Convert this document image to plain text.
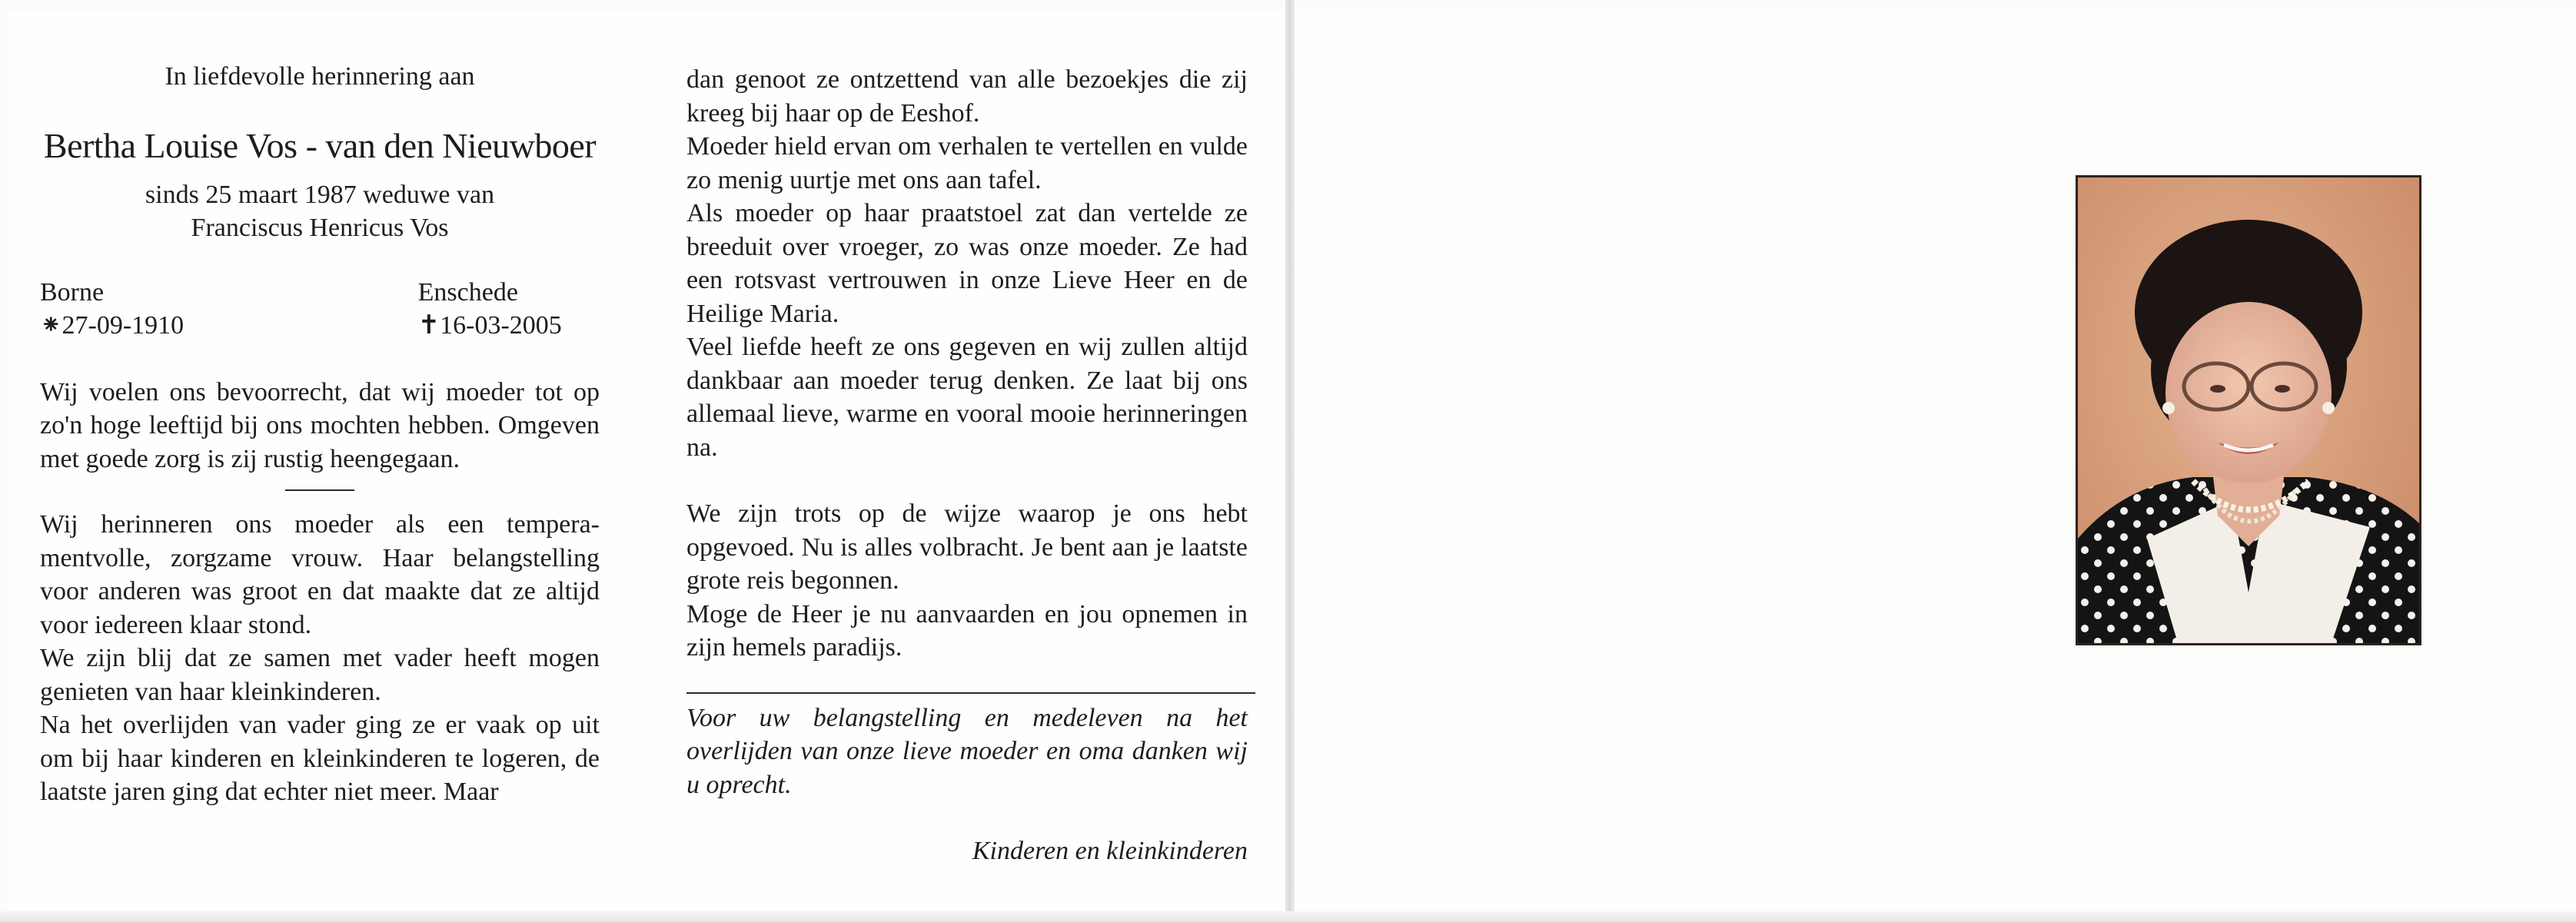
In liefdevolle herinnering aan

Bertha Louise Vos - van den Nieuwboer

sinds 25 maart 1987 weduwe van

Franciscus Henricus Vos

Borne
⁕27-09-1910
Enschede
✝16-03-2005

Wij voelen ons bevoorrecht, dat wij moeder tot op zo'n hoge leeftijd bij ons mochten hebben. Omgeven met goede zorg is zij rustig heengegaan.

Wij herinneren ons moeder als een temperamentvolle, zorgzame vrouw. Haar belangstelling voor anderen was groot en dat maakte dat ze altijd voor iedereen klaar stond.

We zijn blij dat ze samen met vader heeft mogen genieten van haar kleinkinderen.

Na het overlijden van vader ging ze er vaak op uit om bij haar kinderen en kleinkinderen te logeren, de laatste jaren ging dat echter niet meer. Maar

dan genoot ze ontzettend van alle bezoekjes die zij kreeg bij haar op de Eeshof.

Moeder hield ervan om verhalen te vertellen en vulde zo menig uurtje met ons aan tafel.

Als moeder op haar praatstoel zat dan vertelde ze breeduit over vroeger, zo was onze moeder. Ze had een rotsvast vertrouwen in onze Lieve Heer en de Heilige Maria.

Veel liefde heeft ze ons gegeven en wij zullen altijd dankbaar aan moeder terug denken. Ze laat bij ons allemaal lieve, warme en vooral mooie herinneringen na.

We zijn trots op de wijze waarop je ons hebt opgevoed. Nu is alles volbracht. Je bent aan je laatste grote reis begonnen.

Moge de Heer je nu aanvaarden en jou opnemen in zijn hemels paradijs.

Voor uw belangstelling en medeleven na het overlijden van onze lieve moeder en oma danken wij u oprecht.

Kinderen en kleinkinderen
